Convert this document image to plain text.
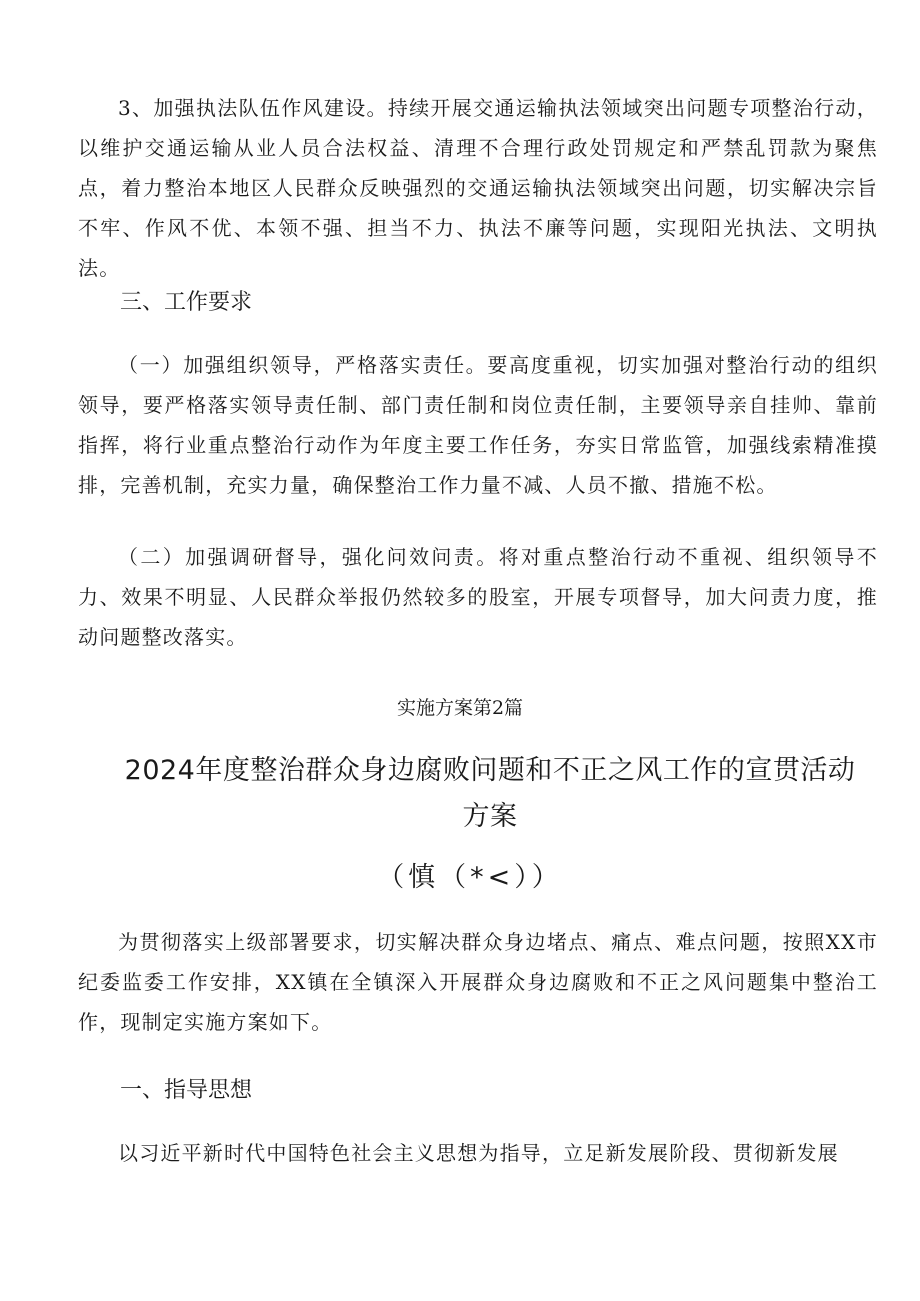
3、加强执法队伍作风建设。持续开展交通运输执法领域突出问题专项整治行动，以维护交通运输从业人员合法权益、清理不合理行政处罚规定和严禁乱罚款为聚焦点，着力整治本地区人民群众反映强烈的交通运输执法领域突出问题，切实解决宗旨不牢、作风不优、本领不强、担当不力、执法不廉等问题，实现阳光执法、文明执法。

三、工作要求

（一）加强组织领导，严格落实责任。要高度重视，切实加强对整治行动的组织领导，要严格落实领导责任制、部门责任制和岗位责任制，主要领导亲自挂帅、靠前指挥，将行业重点整治行动作为年度主要工作任务，夯实日常监管，加强线索精准摸排，完善机制，充实力量，确保整治工作力量不减、人员不撤、措施不松。

（二）加强调研督导，强化问效问责。将对重点整治行动不重视、组织领导不力、效果不明显、人民群众举报仍然较多的股室，开展专项督导，加大问责力度，推动问题整改落实。

实施方案第2篇

2024年度整治群众身边腐败问题和不正之风工作的宣贯活动方案

（慎（*<））

为贯彻落实上级部署要求，切实解决群众身边堵点、痛点、难点问题，按照XX市纪委监委工作安排，XX镇在全镇深入开展群众身边腐败和不正之风问题集中整治工作，现制定实施方案如下。

一、指导思想

以习近平新时代中国特色社会主义思想为指导，立足新发展阶段、贯彻新发展
